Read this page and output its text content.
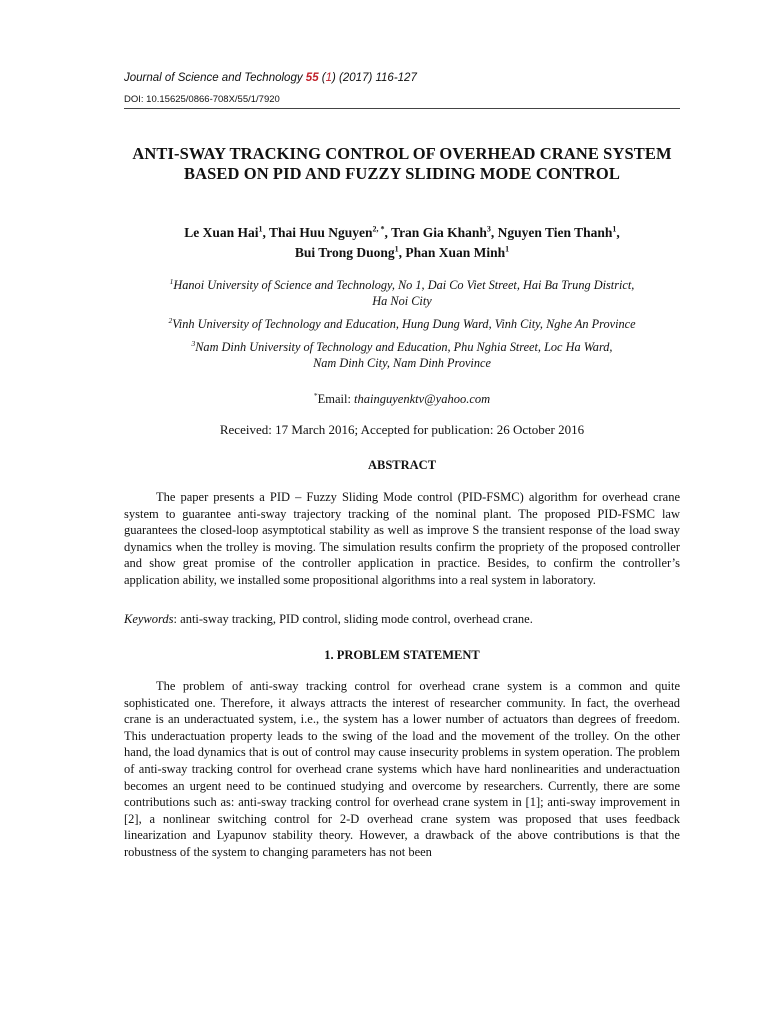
Journal of Science and Technology 55 (1) (2017) 116-127
DOI: 10.15625/0866-708X/55/1/7920
ANTI-SWAY TRACKING CONTROL OF OVERHEAD CRANE SYSTEM BASED ON PID AND FUZZY SLIDING MODE CONTROL
Le Xuan Hai$^1$, Thai Huu Nguyen$^{2, *}$, Tran Gia Khanh$^3$, Nguyen Tien Thanh$^1$,
Bui Trong Duong$^1$, Phan Xuan Minh$^1$
$^1$Hanoi University of Science and Technology, No 1, Dai Co Viet Street, Hai Ba Trung District,
Ha Noi City
$^2$Vinh University of Technology and Education, Hung Dung Ward, Vinh City, Nghe An Province
$^3$Nam Dinh University of Technology and Education, Phu Nghia Street, Loc Ha Ward,
Nam Dinh City, Nam Dinh Province
*Email: thainguyenktv@yahoo.com
Received: 17 March 2016; Accepted for publication: 26 October 2016
ABSTRACT
The paper presents a PID – Fuzzy Sliding Mode control (PID-FSMC) algorithm for overhead crane system to guarantee anti-sway trajectory tracking of the nominal plant. The proposed PID-FSMC law guarantees the closed-loop asymptotical stability as well as improve S the transient response of the load sway dynamics when the trolley is moving. The simulation results confirm the propriety of the proposed controller and show great promise of the controller application in practice. Besides, to confirm the controller’s application ability, we installed some propositional algorithms into a real system in laboratory.
Keywords: anti-sway tracking, PID control, sliding mode control, overhead crane.
1. PROBLEM STATEMENT
The problem of anti-sway tracking control for overhead crane system is a common and quite sophisticated one. Therefore, it always attracts the interest of researcher community. In fact, the overhead crane is an underactuated system, i.e., the system has a lower number of actuators than degrees of freedom. This underactuation property leads to the swing of the load and the movement of the trolley. On the other hand, the load dynamics that is out of control may cause insecurity problems in system operation. The problem of anti-sway tracking control for overhead crane systems which have hard nonlinearities and underactuation becomes an urgent need to be continued studying and overcome by researchers. Currently, there are some contributions such as: anti-sway tracking control for overhead crane system in [1]; anti-sway improvement in [2], a nonlinear switching control for 2-D overhead crane system was proposed that uses feedback linearization and Lyapunov stability theory. However, a drawback of the above contributions is that the robustness of the system to changing parameters has not been
